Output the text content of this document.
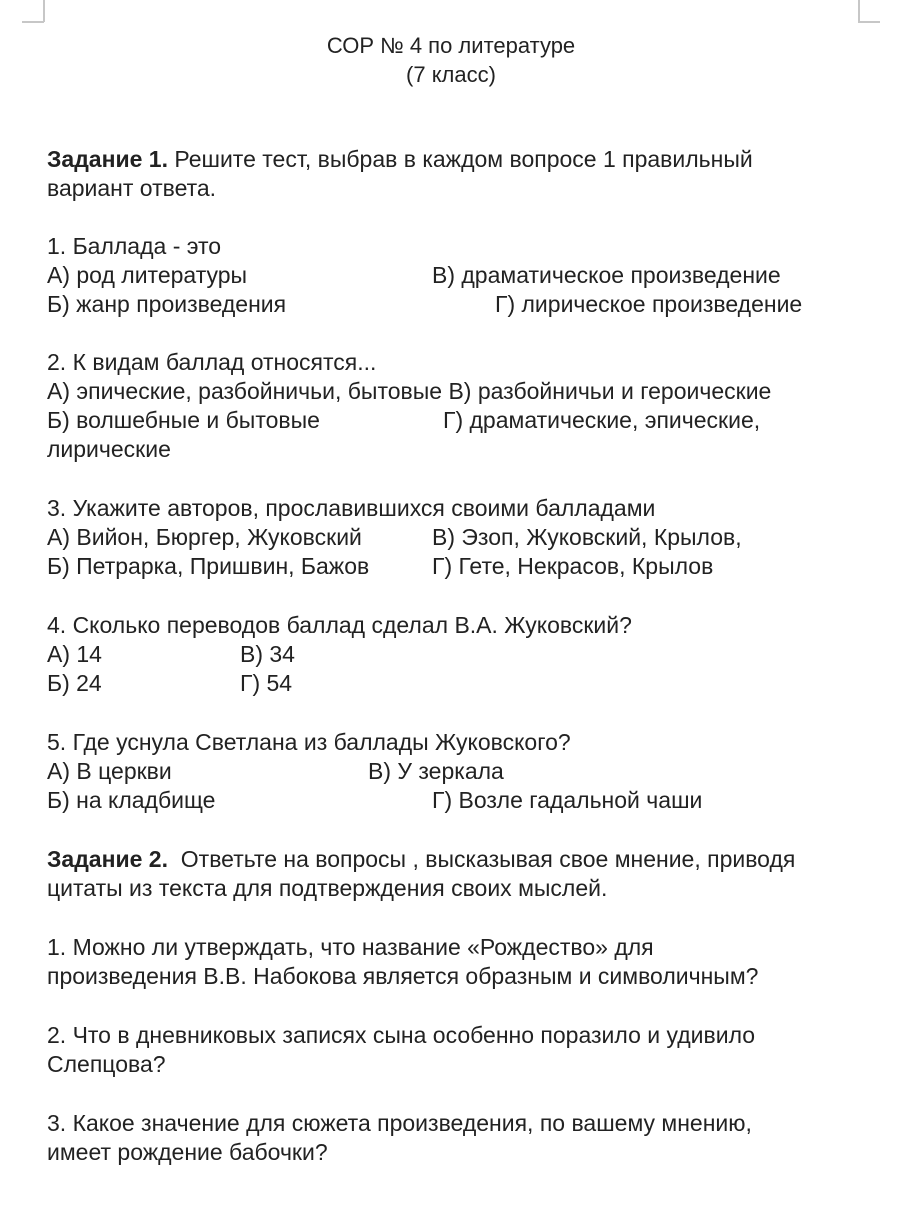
СОР № 4 по литературе
(7 класс)
Задание 1. Решите тест, выбрав в каждом вопросе 1 правильный
вариант ответа.
1. Баллада - это
А) род литературы	В) драматическое произведение
Б) жанр произведения	Г) лирическое произведение
2. К видам баллад относятся...
А) эпические, разбойничьи, бытовые В) разбойничьи и героические
Б) волшебные и бытовые	Г) драматические, эпические,
лирические
3. Укажите авторов, прославившихся своими балладами
А) Вийон, Бюргер, Жуковский	В) Эзоп, Жуковский, Крылов,
Б) Петрарка, Пришвин, Бажов	Г) Гете, Некрасов, Крылов
4. Сколько переводов баллад сделал В.А. Жуковский?
А) 14	В) 34
Б) 24	Г) 54
5. Где уснула Светлана из баллады Жуковского?
А) В церкви	В) У зеркала
Б) на кладбище	Г) Возле гадальной чаши
Задание 2. Ответьте на вопросы , высказывая свое мнение, приводя
цитаты из текста для подтверждения своих мыслей.
1. Можно ли утверждать, что название «Рождество» для
произведения В.В. Набокова является образным и символичным?
2. Что в дневниковых записях сына особенно поразило и удивило
Слепцова?
3. Какое значение для сюжета произведения, по вашему мнению,
имеет рождение бабочки?
